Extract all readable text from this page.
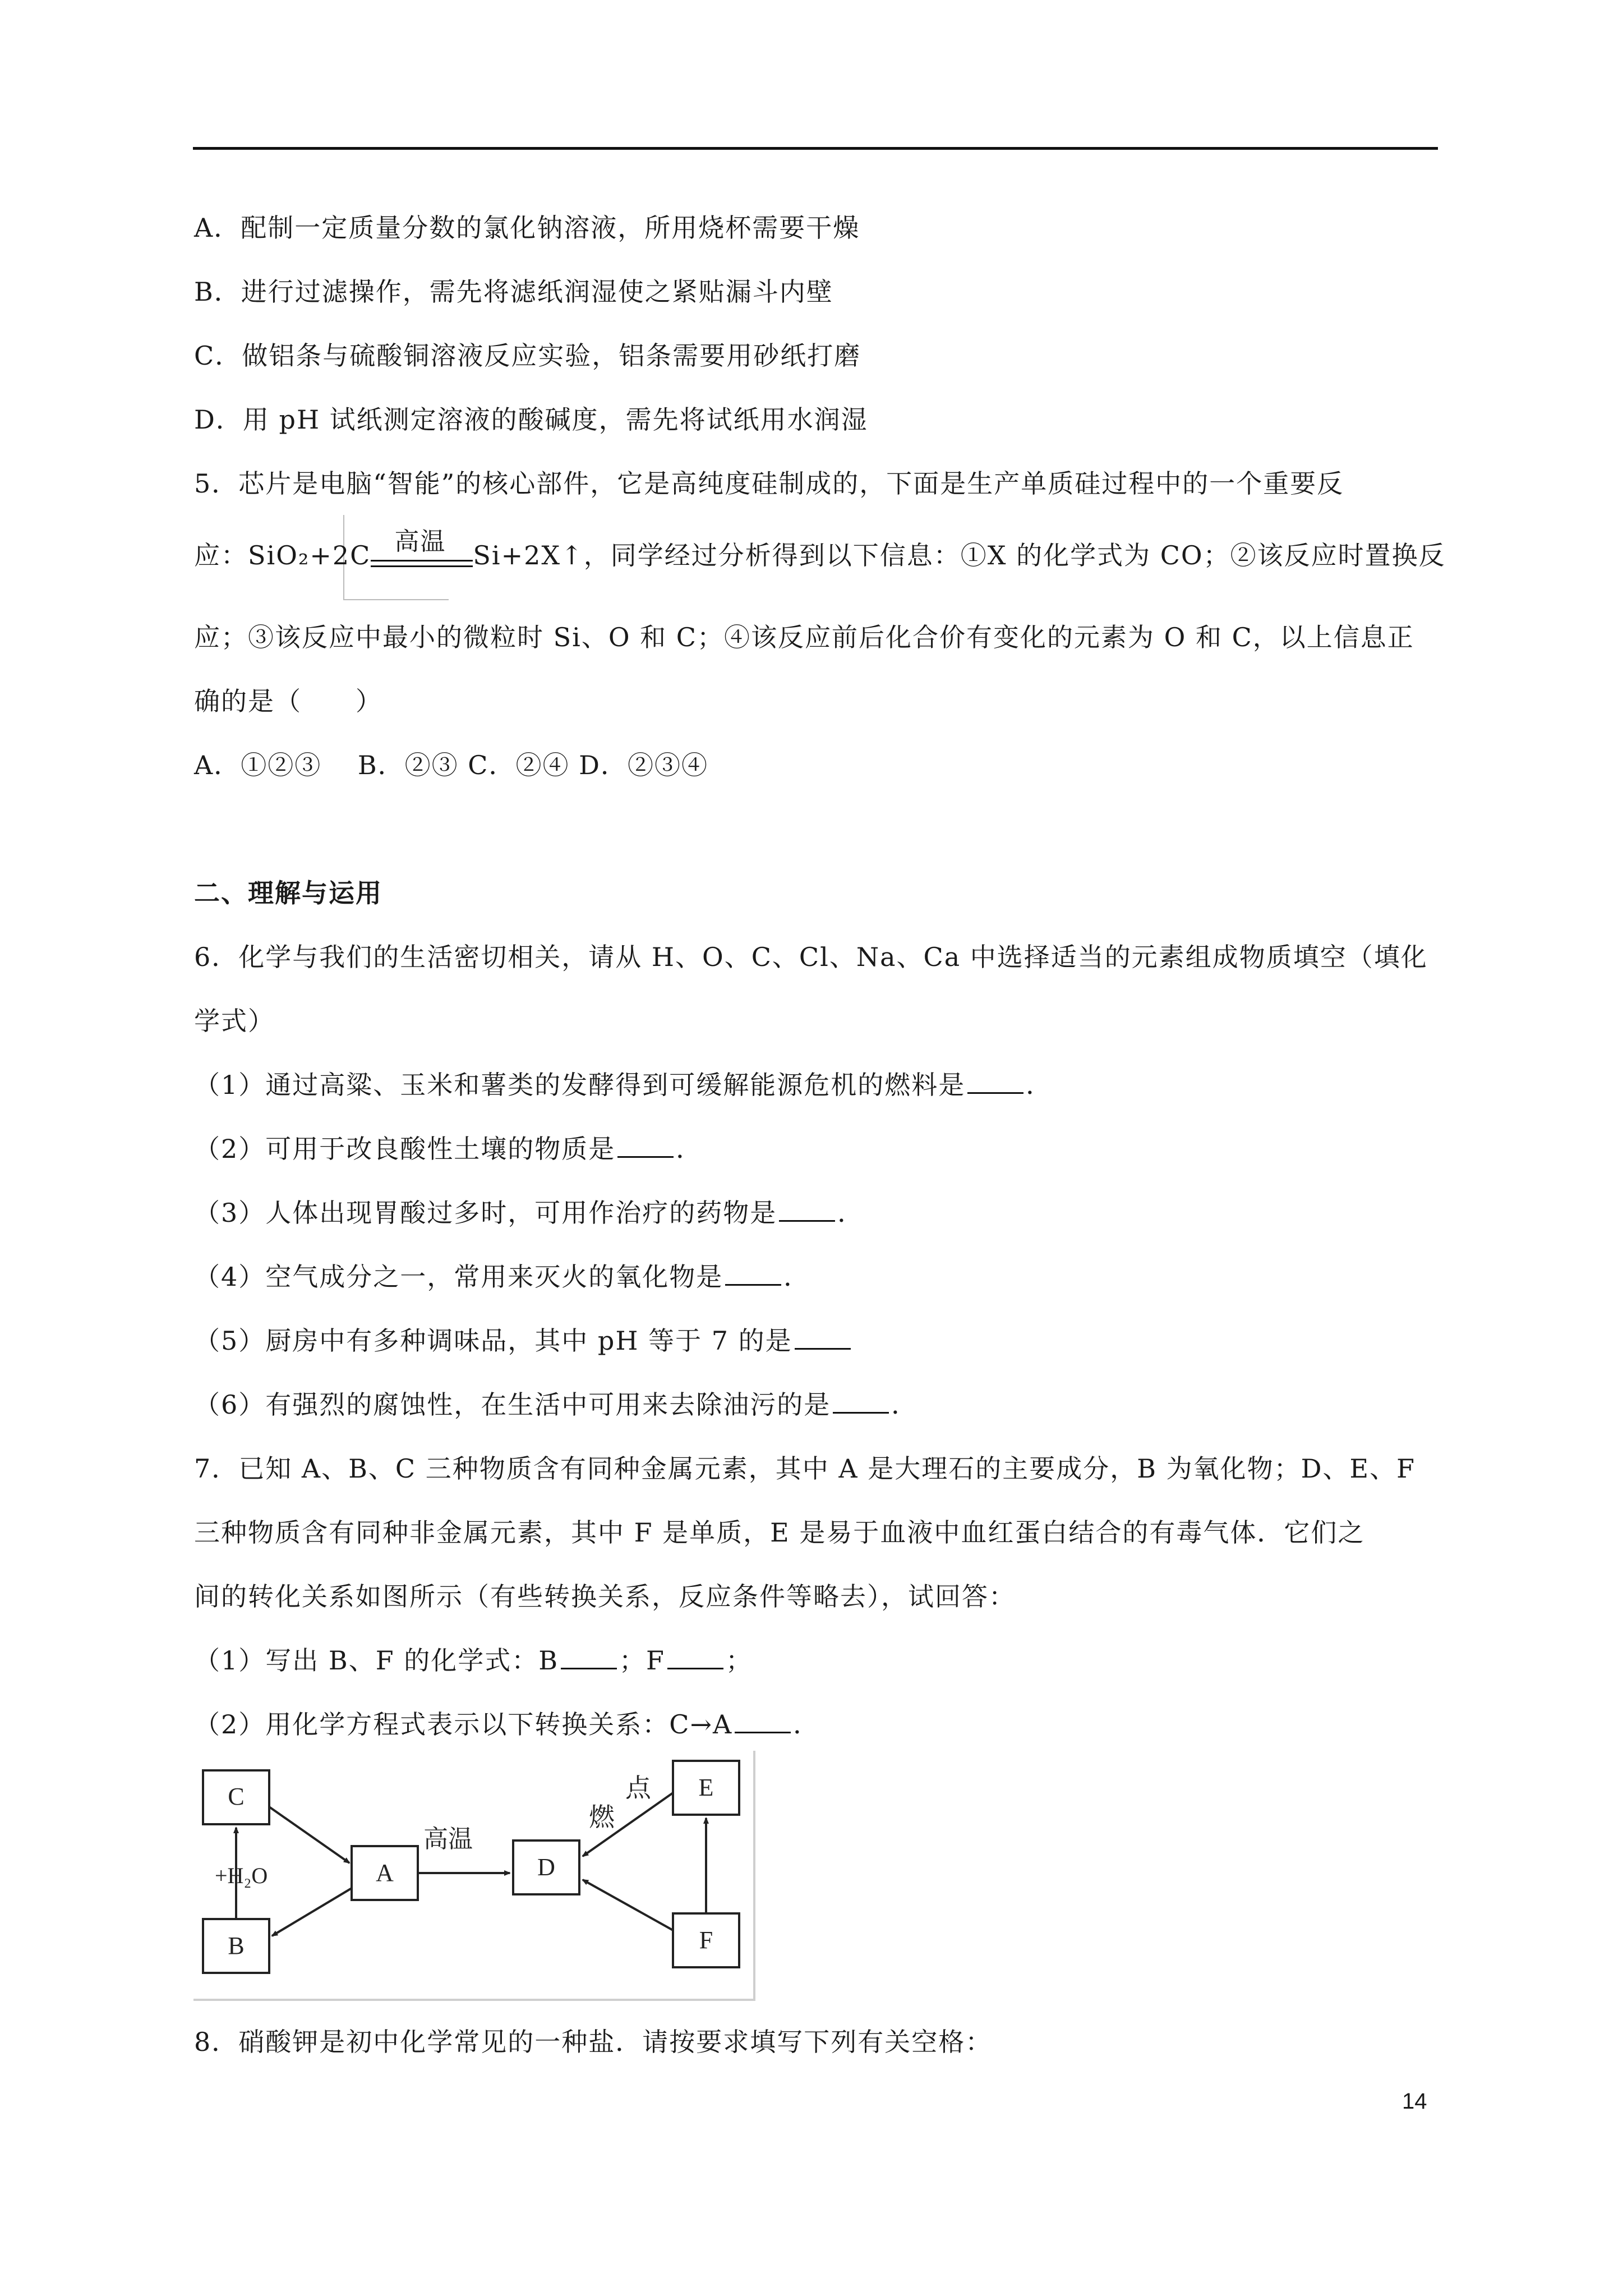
A．配制一定质量分数的氯化钠溶液，所用烧杯需要干燥
B．进行过滤操作，需先将滤纸润湿使之紧贴漏斗内壁
C．做铝条与硫酸铜溶液反应实验，铝条需要用砂纸打磨
D．用 pH 试纸测定溶液的酸碱度，需先将试纸用水润湿
5．芯片是电脑“智能”的核心部件，它是高纯度硅制成的，下面是生产单质硅过程中的一个重要反
应：SiO₂+2C 高温 Si+2X↑，同学经过分析得到以下信息：①X 的化学式为 CO；②该反应时置换反
应；③该反应中最小的微粒时 Si、O 和 C；④该反应前后化合价有变化的元素为 O 和 C，以上信息正
确的是（　　）
A．①②③　 B．②③ C．②④ D．②③④
二、理解与运用
6．化学与我们的生活密切相关，请从 H、O、C、Cl、Na、Ca 中选择适当的元素组成物质填空（填化
学式）
（1）通过高粱、玉米和薯类的发酵得到可缓解能源危机的燃料是 ．
（2）可用于改良酸性土壤的物质是 ．
（3）人体出现胃酸过多时，可用作治疗的药物是 ．
（4）空气成分之一，常用来灭火的氧化物是 ．
（5）厨房中有多种调味品，其中 pH 等于 7 的是
（6）有强烈的腐蚀性，在生活中可用来去除油污的是 ．
7．已知 A、B、C 三种物质含有同种金属元素，其中 A 是大理石的主要成分，B 为氧化物；D、E、F
三种物质含有同种非金属元素，其中 F 是单质，E 是易于血液中血红蛋白结合的有毒气体．它们之
间的转化关系如图所示（有些转换关系，反应条件等略去），试回答：
（1）写出 B、F 的化学式：B ；F ；
（2）用化学方程式表示以下转换关系：C→A ．
C
B
A	D
E
F
+H₂O
高温
点
燃
8．硝酸钾是初中化学常见的一种盐．请按要求填写下列有关空格：
14
